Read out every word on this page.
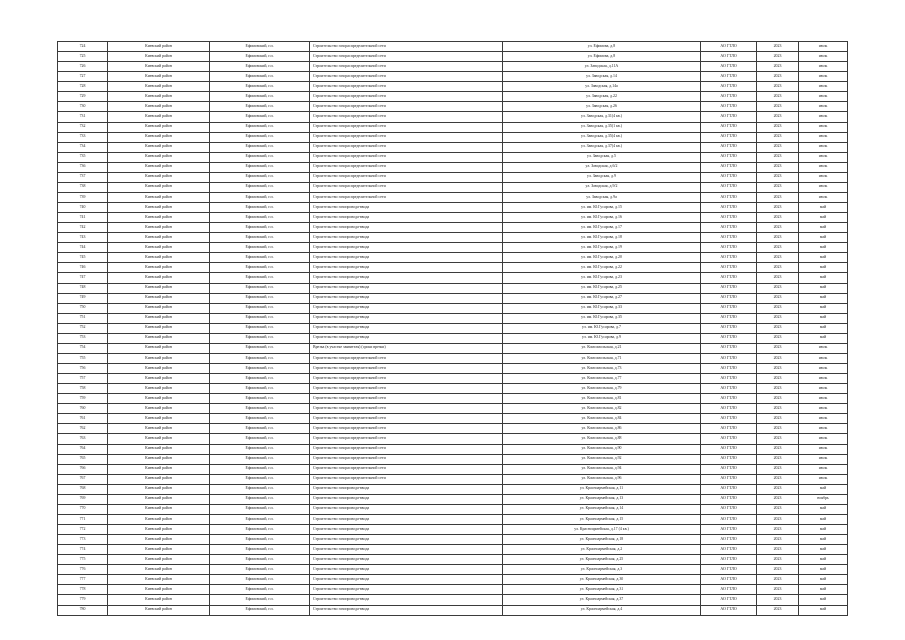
724	Киевский район	Ефимовский, г.п.	Строительство газораспределительной сети	ул. Ефимова, д.8	АО ГТЛО	2023	июль
725	Киевский район	Ефимовский, г.п.	Строительство газораспределительной сети	ул. Ефимова, д.8	АО ГТЛО	2023	июль
726	Киевский район	Ефимовский, г.п.	Строительство газораспределительной сети	ул. Заводская, д.11А	АО ГТЛО	2023	июль
727	Киевский район	Ефимовский, г.п.	Строительство газораспределительной сети	ул. Заводская, д.14	АО ГТЛО	2023	июль
728	Киевский район	Ефимовский, г.п.	Строительство газораспределительной сети	ул. Заводская, д.14а	АО ГТЛО	2023	июль
729	Киевский район	Ефимовский, г.п.	Строительство газораспределительной сети	ул. Заводская, д.22	АО ГТЛО	2023	июль
730	Киевский район	Ефимовский, г.п.	Строительство газораспределительной сети	ул. Заводская, д.26	АО ГТЛО	2023	июль
731	Киевский район	Ефимовский, г.п.	Строительство газораспределительной сети	ул. Заводская, д.31(4 кв.)	АО ГТЛО	2023	июль
732	Киевский район	Ефимовский, г.п.	Строительство газораспределительной сети	ул. Заводская, д.35(1 кв.)	АО ГТЛО	2023	июль
733	Киевский район	Ефимовский, г.п.	Строительство газораспределительной сети	ул. Заводская, д.35(4 кв.)	АО ГТЛО	2023	июль
734	Киевский район	Ефимовский, г.п.	Строительство газораспределительной сети	ул. Заводская, д.37(4 кв.)	АО ГТЛО	2023	июль
735	Киевский район	Ефимовский, г.п.	Строительство газораспределительной сети	ул. Заводская, д.5	АО ГТЛО	2023	июль
736	Киевский район	Ефимовский, г.п.	Строительство газораспределительной сети	ул. Заводская, д.6/2	АО ГТЛО	2023	июль
737	Киевский район	Ефимовский, г.п.	Строительство газораспределительной сети	ул. Заводская, д.9	АО ГТЛО	2023	июль
738	Киевский район	Ефимовский, г.п.	Строительство газораспределительной сети	ул. Заводская, д.9/2	АО ГТЛО	2023	июль
739	Киевский район	Ефимовский, г.п.	Строительство газораспределительной сети	ул. Заводская, д.9а	АО ГТЛО	2023	июль
740	Киевский район	Ефимовский, г.п.	Строительство газопровода-ввода	ул. им. Ю.Гусарова, д.15	АО ГТЛО	2023	май
741	Киевский район	Ефимовский, г.п.	Строительство газопровода-ввода	ул. им. Ю.Гусарова, д.16	АО ГТЛО	2023	май
742	Киевский район	Ефимовский, г.п.	Строительство газопровода-ввода	ул. им. Ю.Гусарова, д.17	АО ГТЛО	2023	май
743	Киевский район	Ефимовский, г.п.	Строительство газопровода-ввода	ул. им. Ю.Гусарова, д.18	АО ГТЛО	2023	май
744	Киевский район	Ефимовский, г.п.	Строительство газопровода-ввода	ул. им. Ю.Гусарова, д.19	АО ГТЛО	2023	май
745	Киевский район	Ефимовский, г.п.	Строительство газопровода-ввода	ул. им. Ю.Гусарова, д.20	АО ГТЛО	2023	май
746	Киевский район	Ефимовский, г.п.	Строительство газопровода-ввода	ул. им. Ю.Гусарова, д.22	АО ГТЛО	2023	май
747	Киевский район	Ефимовский, г.п.	Строительство газопровода-ввода	ул. им. Ю.Гусарова, д.23	АО ГТЛО	2023	май
748	Киевский район	Ефимовский, г.п.	Строительство газопровода-ввода	ул. им. Ю.Гусарова, д.25	АО ГТЛО	2023	май
749	Киевский район	Ефимовский, г.п.	Строительство газопровода-ввода	ул. им. Ю.Гусарова, д.27	АО ГТЛО	2023	май
750	Киевский район	Ефимовский, г.п.	Строительство газопровода-ввода	ул. им. Ю.Гусарова, д.33	АО ГТЛО	2023	май
751	Киевский район	Ефимовский, г.п.	Строительство газопровода-ввода	ул. им. Ю.Гусарова, д.35	АО ГТЛО	2023	май
752	Киевский район	Ефимовский, г.п.	Строительство газопровода-ввода	ул. им. Ю.Гусарова, д.7	АО ГТЛО	2023	май
753	Киевский район	Ефимовский, г.п.	Строительство газопровода-ввода	ул. им. Ю.Гусарова, д.9	АО ГТЛО	2023	май
754	Киевский район	Ефимовский, г.п.	Врезка (в участке заявителя) (сроки врезки)	ул. Комсомольская, д.21	АО ГТЛО	2023	июль
755	Киевский район	Ефимовский, г.п.	Строительство газораспределительной сети	ул. Комсомольская, д.71	АО ГТЛО	2023	июль
756	Киевский район	Ефимовский, г.п.	Строительство газораспределительной сети	ул. Комсомольская, д.73	АО ГТЛО	2023	июль
757	Киевский район	Ефимовский, г.п.	Строительство газораспределительной сети	ул. Комсомольская, д.77	АО ГТЛО	2023	июль
758	Киевский район	Ефимовский, г.п.	Строительство газораспределительной сети	ул. Комсомольская, д.79	АО ГТЛО	2023	июль
759	Киевский район	Ефимовский, г.п.	Строительство газораспределительной сети	ул. Комсомольская, д.81	АО ГТЛО	2023	июль
760	Киевский район	Ефимовский, г.п.	Строительство газораспределительной сети	ул. Комсомольская, д.82	АО ГТЛО	2023	июль
761	Киевский район	Ефимовский, г.п.	Строительство газораспределительной сети	ул. Комсомольская, д.84	АО ГТЛО	2023	июль
762	Киевский район	Ефимовский, г.п.	Строительство газораспределительной сети	ул. Комсомольская, д.86	АО ГТЛО	2023	июль
763	Киевский район	Ефимовский, г.п.	Строительство газораспределительной сети	ул. Комсомольская, д.88	АО ГТЛО	2023	июль
764	Киевский район	Ефимовский, г.п.	Строительство газораспределительной сети	ул. Комсомольская, д.90	АО ГТЛО	2023	июль
765	Киевский район	Ефимовский, г.п.	Строительство газораспределительной сети	ул. Комсомольская, д.92	АО ГТЛО	2023	июль
766	Киевский район	Ефимовский, г.п.	Строительство газораспределительной сети	ул. Комсомольская, д.94	АО ГТЛО	2023	июль
767	Киевский район	Ефимовский, г.п.	Строительство газораспределительной сети	ул. Комсомольская, д.96	АО ГТЛО	2023	июль
768	Киевский район	Ефимовский, г.п.	Строительство газопровода-ввода	ул. Красноармейская, д.11	АО ГТЛО	2023	май
769	Киевский район	Ефимовский, г.п.	Строительство газопровода-ввода	ул. Красноармейская, д.13	АО ГТЛО	2023	ноябрь
770	Киевский район	Ефимовский, г.п.	Строительство газопровода-ввода	ул. Красноармейская, д.14	АО ГТЛО	2023	май
771	Киевский район	Ефимовский, г.п.	Строительство газопровода-ввода	ул. Красноармейская, д.15	АО ГТЛО	2023	май
772	Киевский район	Ефимовский, г.п.	Строительство газопровода-ввода	ул. Красноармейская, д.17 (4 кв.)	АО ГТЛО	2023	май
773	Киевский район	Ефимовский, г.п.	Строительство газопровода-ввода	ул. Красноармейская, д.18	АО ГТЛО	2023	май
774	Киевский район	Ефимовский, г.п.	Строительство газопровода-ввода	ул. Красноармейская, д.2	АО ГТЛО	2023	май
775	Киевский район	Ефимовский, г.п.	Строительство газопровода-ввода	ул. Красноармейская, д.25	АО ГТЛО	2023	май
776	Киевский район	Ефимовский, г.п.	Строительство газопровода-ввода	ул. Красноармейская, д.3	АО ГТЛО	2023	май
777	Киевский район	Ефимовский, г.п.	Строительство газопровода-ввода	ул. Красноармейская, д.30	АО ГТЛО	2023	май
778	Киевский район	Ефимовский, г.п.	Строительство газопровода-ввода	ул. Красноармейская, д.31	АО ГТЛО	2023	май
779	Киевский район	Ефимовский, г.п.	Строительство газопровода-ввода	ул. Красноармейская, д.37	АО ГТЛО	2023	май
780	Киевский район	Ефимовский, г.п.	Строительство газопровода-ввода	ул. Красноармейская, д.4	АО ГТЛО	2023	май
